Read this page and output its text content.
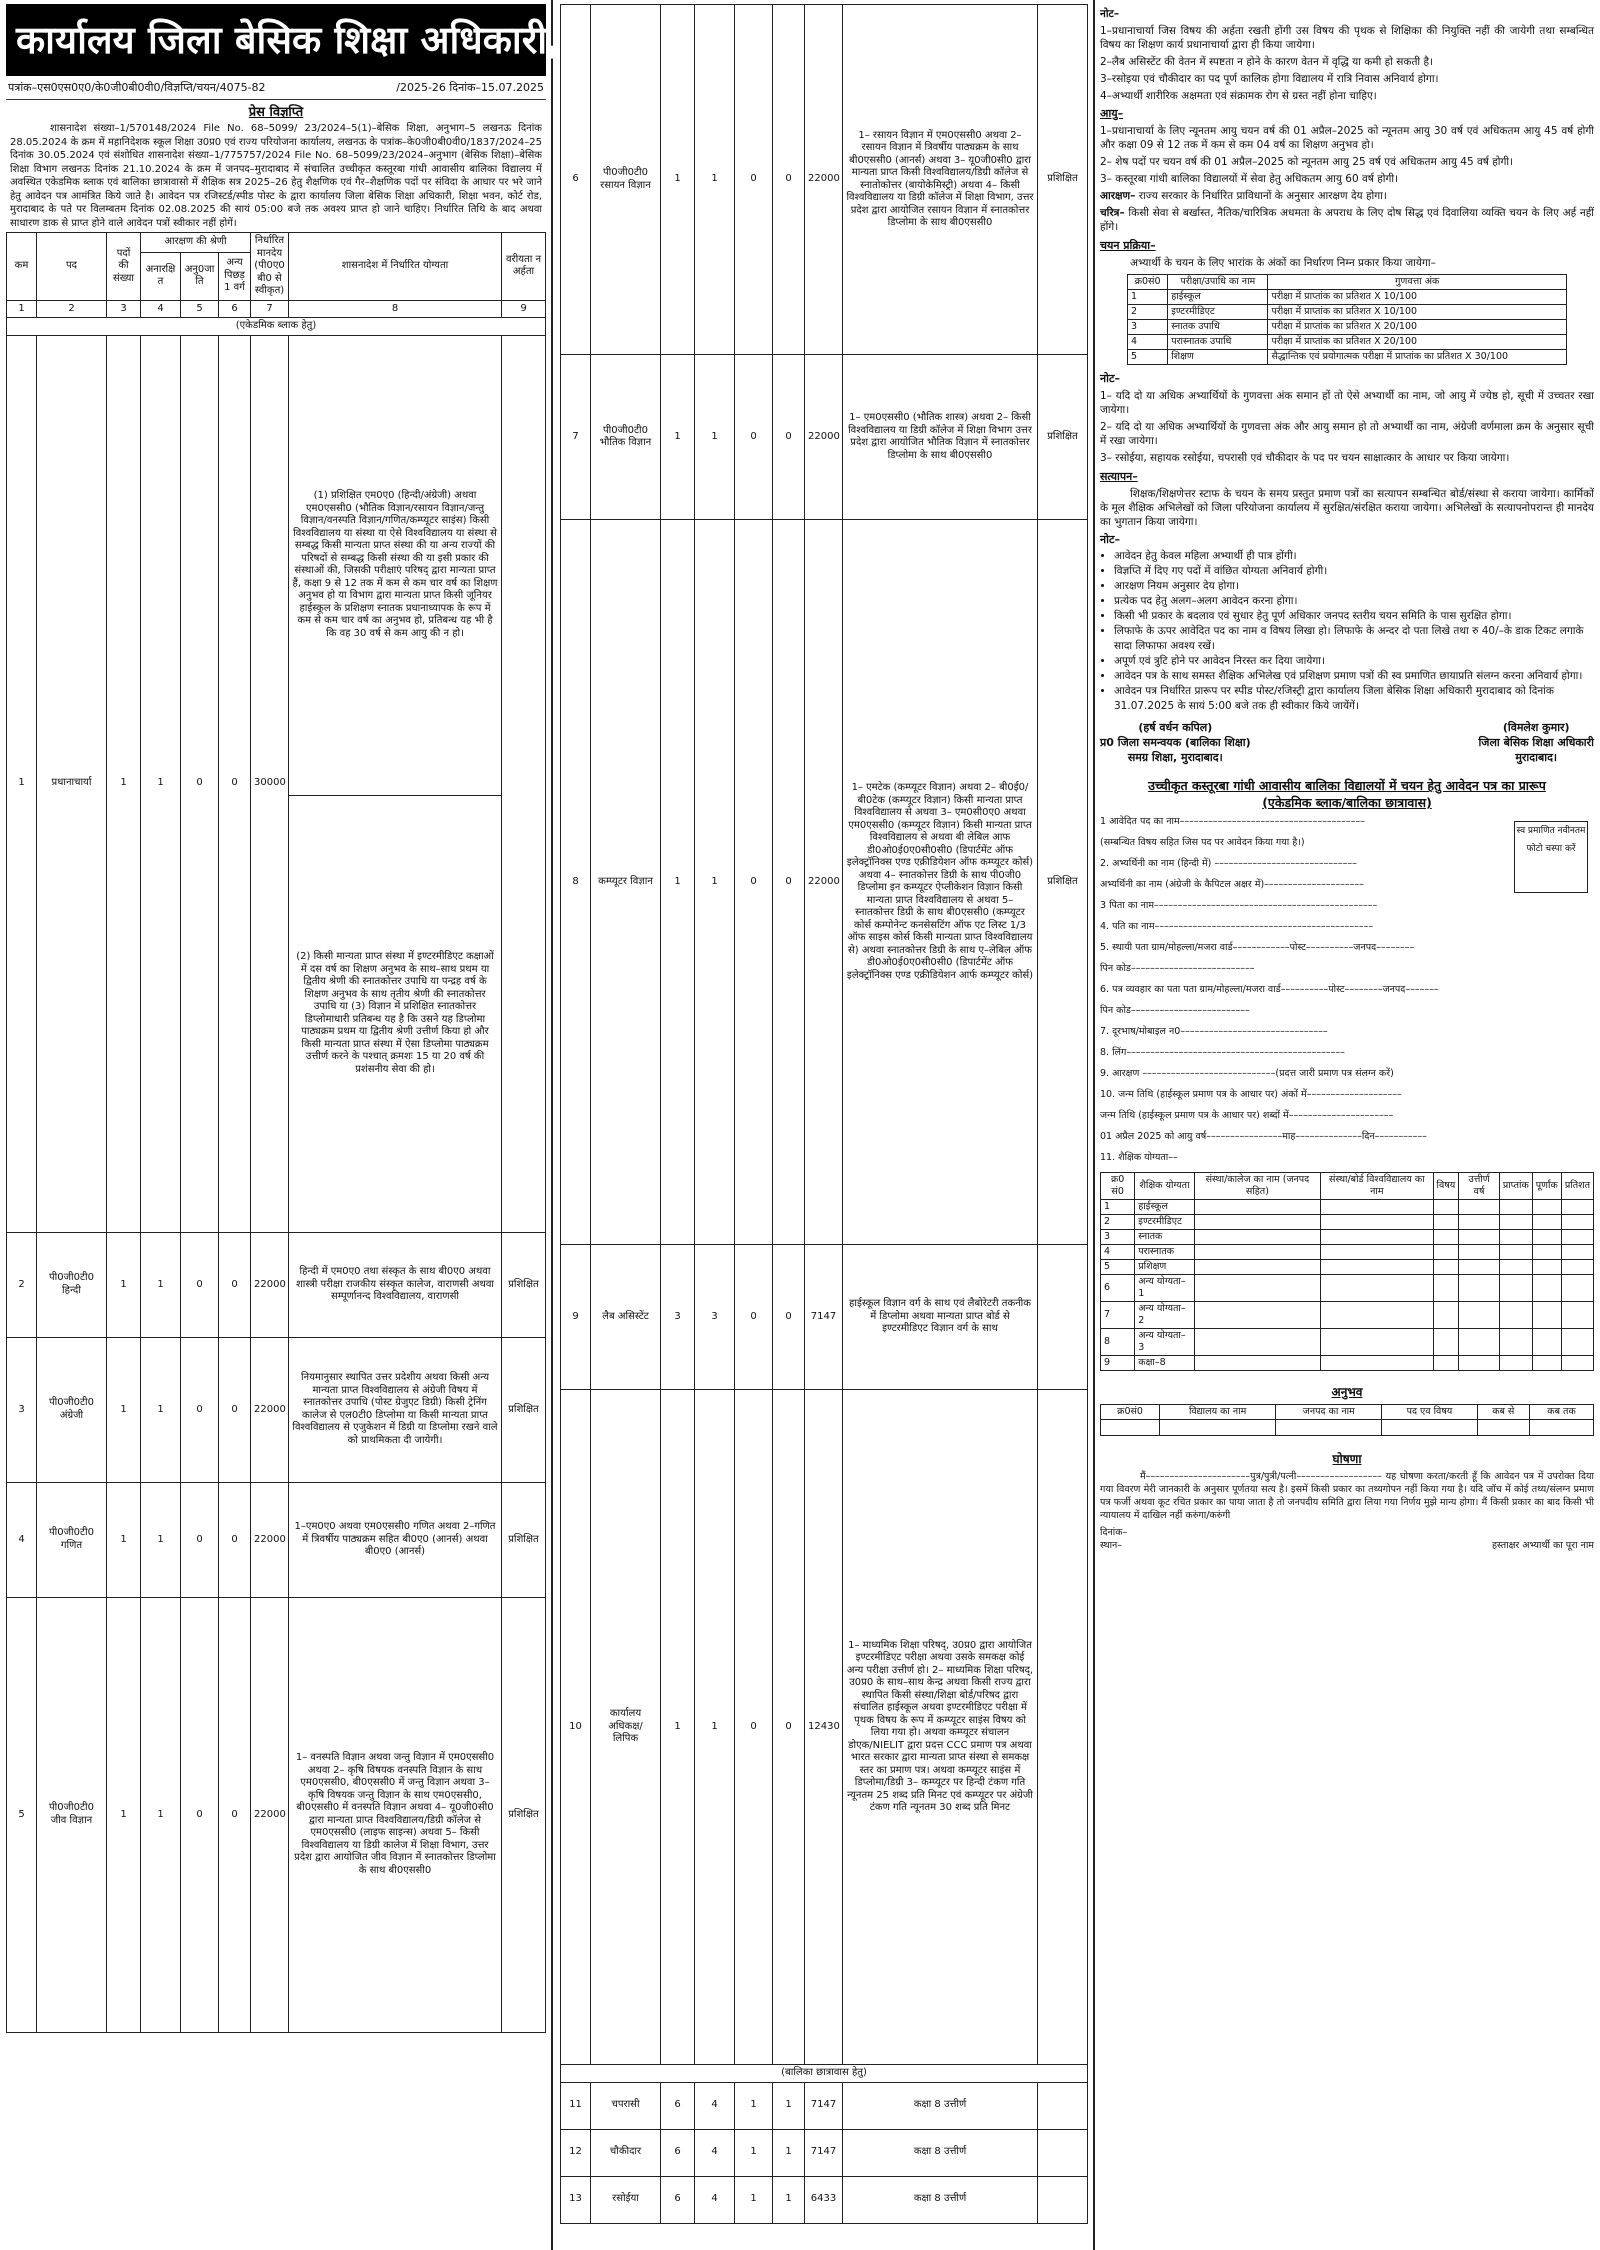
कार्यालय जिला बेसिक शिक्षा अधिकारी, मुरादाबाद।
पत्रांक–एस0एस0ए0/के0जी0बी0वी0/विज्ञप्ति/चयन/4075-82	/2025-26 दिनांक–15.07.2025
प्रेस विज्ञप्ति
शासनादेश संख्या–1/570148/2024 File No. 68–5099/ 23/2024–5(1)–बेसिक शिक्षा, अनुभाग–5 लखनऊ दिनांक 28.05.2024 के क्रम में महानिदेशक स्कूल शिक्षा उ0प्र0 एवं राज्य परियोजना कार्यालय, लखनऊ के पत्रांक–के0जी0बी0वी0/1837/2024–25 दिनांक 30.05.2024 एवं संशोधित शासनादेश संख्या–1/775757/2024 File No. 68–5099/23/2024–अनुभाग (बेसिक शिक्षा)–बेसिक शिक्षा विभाग लखनऊ दिनांक 21.10.2024 के क्रम में जनपद–मुरादाबाद में संचालित उच्चीकृत कस्तूरबा गांधी आवासीय बालिका विद्यालय में अवस्थित एकेडमिक ब्लाक एवं बालिका छात्रावासो में शैक्षिक सत्र 2025–26 हेतु शैक्षणिक एवं गैर–शैक्षणिक पदों पर संविदा के आधार पर भरे जाने हेतु आवेदन पत्र आमंत्रित किये जाते है। आवेदन पत्र रजिस्टर्ड/स्पीड पोस्ट के द्वारा कार्यालय जिला बेसिक शिक्षा अधिकारी, शिक्षा भवन, कोर्ट रोड, मुरादाबाद के पते पर विलम्बतम दिनांक 02.08.2025 की सायं 05:00 बजे तक अवश्य प्राप्त हो जाने चाहिए। निर्धारित तिथि के बाद अथवा साधारण डाक से प्राप्त होने वाले आवेदन पत्रों स्वीकार नहीं होगें।
कम	पद	पदों की संख्या	आरक्षण की श्रेणी			निर्धारित मानदेय (पी0ए0 बी0 से स्वीकृत)	शासनादेश में निर्धारित योग्यता	वरीयता न अर्हता
			अनारक्षि त	अनु0जा ति	अन्य पिछड़ 1 वर्ग			
1	2	3	4	5	6	7	8	9
(एकेडमिक ब्लाक हेतु)								
1	प्रधानाचार्या	1	1	0	0	30000	(1) प्रशिक्षित एम0ए0 (हिन्दी/अंग्रेजी) अथवा एम0एससी0 (भौतिक विज्ञान/रसायन विज्ञान/जन्तु विज्ञान/वनस्पति विज्ञान/गणित/कम्प्यूटर साइंस) किसी विश्वविद्यालय या संस्था या ऐसे विश्वविद्यालय या संस्था से सम्बद्ध किसी मान्यता प्राप्त संस्था की या अन्य राज्यों की परिषदों से सम्बद्ध किसी संस्था की या इसी प्रकार की संस्थाओं की, जिसकी परीक्षाएं परिषद् द्वारा मान्यता प्राप्त हैं, कक्षा 9 से 12 तक में कम से कम चार वर्ष का शिक्षण अनुभव हो या विभाग द्वारा मान्यता प्राप्त किसी जूनियर हाईस्कूल के प्रशिक्षण स्नातक प्रधानाध्यापक के रूप में कम से कम चार वर्ष का अनुभव हो, प्रतिबन्ध यह भी है कि वह 30 वर्ष से कम आयु की न हो।	
							(2) किसी मान्यता प्राप्त संस्था में इण्टरमीडिएट कक्षाओं में दस वर्ष का शिक्षण अनुभव के साथ–साथ प्रथम या द्वितीय श्रेणी की स्नातकोत्तर उपाधि या पन्द्रह वर्ष के शिक्षण अनुभव के साथ तृतीय श्रेणी की स्नातकोत्तर उपाधि या (3) विज्ञान में प्रशिक्षित स्नातकोत्तर डिप्लोमाधारी प्रतिबन्ध यह है कि उसने यह डिप्लोमा पाठ्यक्रम प्रथम या द्वितीय श्रेणी उत्तीर्ण किया हो और किसी मान्यता प्राप्त संस्था में ऐसा डिप्लोमा पाठ्यक्रम उत्तीर्ण करने के पश्चात् क्रमशः 15 या 20 वर्ष की प्रशंसनीय सेवा की हो।	
2	पी0जी0टी0 हिन्दी	1	1	0	0	22000	हिन्दी में एम0ए0 तथा संस्कृत के साथ बी0ए0 अथवा शास्त्री परीक्षा राजकीय संस्कृत कालेज, वाराणसी अथवा सम्पूर्णानन्द विश्वविद्यालय, वाराणसी	प्रशिक्षित
3	पी0जी0टी0 अंग्रेजी	1	1	0	0	22000	नियमानुसार स्थापित उत्तर प्रदेशीय अथवा किसी अन्य मान्यता प्राप्त विश्वविद्यालय से अंग्रेजी विषय में स्नातकोत्तर उपाधि (पोस्ट ग्रेजुएट डिग्री) किसी ट्रेनिंग कालेज से एल0टी0 डिप्लोमा या किसी मान्यता प्राप्त विश्वविद्यालय से एजुकेशन में डिग्री या डिप्लोमा रखने वाले को प्राथमिकता दी जायेगी।	प्रशिक्षित
4	पी0जी0टी0 गणित	1	1	0	0	22000	1–एम0ए0 अथवा एम0एससी0 गणित अथवा 2–गणित में त्रिवर्षीय पाठ्यक्रम सहित बी0ए0 (आनर्स) अथवा बी0ए0 (आनर्स)	प्रशिक्षित
5	पी0जी0टी0 जीव विज्ञान	1	1	0	0	22000	1– वनस्पति विज्ञान अथवा जन्तु विज्ञान में एम0एससी0 अथवा 2– कृषि विषयक वनस्पति विज्ञान के साथ एम0एससी0, बी0एससी0 में जन्तु विज्ञान अथवा 3– कृषि विषयक जन्तु विज्ञान के साथ एम0एससी0, बी0एससी0 में वनस्पति विज्ञान अथवा 4– यू0जी0सी0 द्वारा मान्यता प्राप्त विश्वविद्यालय/डिग्री कॉलेज से एम0एससी0 (लाइफ साइन्स) अथवा 5– किसी विश्वविद्यालय या डिग्री कालेज में शिक्षा विभाग, उत्तर प्रदेश द्वारा आयोजित जीव विज्ञान में स्नातकोत्तर डिप्लोमा के साथ बी0एससी0	प्रशिक्षित
6	पी0जी0टी0 रसायन विज्ञान	1	1	0	0	22000	1– रसायन विज्ञान में एम0एससी0 अथवा 2– रसायन विज्ञान में त्रिवर्षीय पाठ्यक्रम के साथ बी0एससी0 (आनर्स) अथवा 3– यू0जी0सी0 द्वारा मान्यता प्राप्त किसी विश्वविद्यालय/डिग्री कॉलेज से स्नातोकोत्तर (बायोकेमिस्ट्री) अथवा 4– किसी विश्वविद्यालय या डिग्री कॉलेज में शिक्षा विभाग, उत्तर प्रदेश द्वारा आयोजित रसायन विज्ञान में स्नातकोत्तर डिप्लोमा के साथ बी0एससी0	प्रशिक्षित
7	पी0जी0टी0 भौतिक विज्ञान	1	1	0	0	22000	1– एम0एससी0 (भौतिक शास्त्र) अथवा 2– किसी विश्वविद्यालय या डिग्री कॉलेज में शिक्षा विभाग उत्तर प्रदेश द्वारा आयोजित भौतिक विज्ञान में स्नातकोत्तर डिप्लोमा के साथ बी0एससी0	प्रशिक्षित
8	कम्प्यूटर विज्ञान	1	1	0	0	22000	1– एमटेक (कम्प्यूटर विज्ञान) अथवा 2– बी0ई0/बी0टेक (कम्प्यूटर विज्ञान) किसी मान्यता प्राप्त विश्वविद्यालय से अथवा 3– एम0सी0ए0 अथवा एम0एससी0 (कम्प्यूटर विज्ञान) किसी मान्यता प्राप्त विश्वविद्यालय से अथवा बी लेबिल आफ डी0ओ0ई0ए0सी0सी0 (डिपार्टमेंट ऑफ इलेक्ट्रॉनिक्स एण्ड एक्रीडियेशन ऑफ कम्प्यूटर कोर्स) अथवा 4– स्नातकोत्तर डिग्री के साथ पी0जी0 डिप्लोमा इन कम्प्यूटर ऐप्लीकेशन विज्ञान किसी मान्यता प्राप्त विश्वविद्यालय से अथवा 5– स्नातकोत्तर डिग्री के साथ बी0एससी0 (कम्प्यूटर कोर्स कम्पोनेन्ट कनसेसटिंग ऑफ एट लिस्ट 1/3 ऑफ साइस कोर्स किसी मान्यता प्राप्त विश्वविद्यालय से) अथवा स्नातकोत्तर डिग्री के साथ ए–लेबिल ऑफ डी0ओ0ई0ए0सी0सी0 (डिपार्टमेंट ऑफ इलेक्ट्रॉनिक्स एण्ड एक्रीडियेशन आर्फ कम्प्यूटर कोर्स)	प्रशिक्षित
9	लैब असिस्टेंट	3	3	0	0	7147	हाईस्कूल विज्ञान वर्ग के साथ एवं लैबोरेटरी तकनीक में डिप्लोमा अथवा मान्यता प्राप्त बोर्ड से इण्टरमीडिएट विज्ञान वर्ग के साथ	
10	कार्यालय अधिकक्ष/ लिपिक	1	1	0	0	12430	1– माध्यमिक शिक्षा परिषद्, उ0प्र0 द्वारा आयोजित इण्टरमीडिएट परीक्षा अथवा उसके समकक्ष कोई अन्य परीक्षा उत्तीर्ण हो। 2– माध्यमिक शिक्षा परिषद्, उ0प्र0 के साथ–साथ केन्द्र अथवा किसी राज्य द्वारा स्थापित किसी संस्था/शिक्षा बोर्ड/परिषद द्वारा संचालित हाईस्कूल अथवा इण्टरमीडिएट परीक्षा में पृथक विषय के रूप में कम्प्यूटर साइंस विषय को लिया गया हो। अथवा कम्प्यूटर संचालन डोएक/NIELIT द्वारा प्रदत्त CCC प्रमाण पत्र अथवा भारत सरकार द्वारा मान्यता प्राप्त संस्था से समकक्ष स्तर का प्रमाण पत्र। अथवा कम्प्यूटर साइंस में डिप्लोमा/डिग्री 3– कम्प्यूटर पर हिन्दी टंकण गति न्यूनतम 25 शब्द प्रति मिनट एवं कम्प्यूटर पर अंग्रेजी टंकण गति न्यूनतम 30 शब्द प्रति मिनट	
(बालिका छात्रावास हेतु)								
11	चपरासी	6	4	1	1	7147	कक्षा 8 उत्तीर्ण	
12	चौकीदार	6	4	1	1	7147	कक्षा 8 उत्तीर्ण	
13	रसोईया	6	4	1	1	6433	कक्षा 8 उत्तीर्ण	
नोट–
1–प्रधानाचार्या जिस विषय की अर्हता रखती होंगी उस विषय की पृथक से शिक्षिका की नियुक्ति नहीं की जायेगी तथा सम्बन्धित विषय का शिक्षण कार्य प्रधानाचार्या द्वारा ही किया जायेगा।
2–लैब असिस्टेंट की वेतन में स्पष्टता न होने के कारण वेतन में वृद्धि या कमी हो सकती है।
3–रसोइया एवं चौकीदार का पद पूर्ण कालिक होगा विद्यालय में रात्रि निवास अनिवार्य होगा।
4–अभ्यार्थी शारीरिक अक्षमता एवं संक्रामक रोग से ग्रस्त नहीं होना चाहिए।
आयु–
1–प्रधानाचार्या के लिए न्यूनतम आयु चयन वर्ष की 01 अप्रैल–2025 को न्यूनतम आयु 30 वर्ष एवं अधिकतम आयु 45 वर्ष होगी और कक्षा 09 से 12 तक में कम से कम 04 वर्ष का शिक्षण अनुभव हो।
2– शेष पदों पर चयन वर्ष की 01 अप्रैल–2025 को न्यूनतम आयु 25 वर्ष एवं अधिकतम आयु 45 वर्ष होगी।
3– कस्तूरबा गांधी बालिका विद्यालयों में सेवा हेतु अधिकतम आयु 60 वर्ष होगी।
आरक्षण– राज्य सरकार के निर्धारित प्राविधानों के अनुसार आरक्षण देय होगा।
चरित्र– किसी सेवा से बर्खास्त, नैतिक/चारित्रिक अधमता के अपराध के लिए दोष सिद्ध एवं दिवालिया व्यक्ति चयन के लिए अर्ह नहीं होंगे।
चयन प्रक्रिया–
अभ्यार्थी के चयन के लिए भारांक के अंकों का निर्धारण निम्न प्रकार किया जायेगा–
क्र0सं0	परीक्षा/उपाधि का नाम	गुणवत्ता अंक
1	हाईस्कूल	परीक्षा में प्राप्तांक का प्रतिशत X 10/100
2	इण्टरमीडिएट	परीक्षा में प्राप्तांक का प्रतिशत X 10/100
3	स्नातक उपाधि	परीक्षा में प्राप्तांक का प्रतिशत X 20/100
4	परास्नातक उपाधि	परीक्षा में प्राप्तांक का प्रतिशत X 20/100
5	शिक्षण	सैद्धान्तिक एवं प्रयोगात्मक परीक्षा में प्राप्तांक का प्रतिशत X 30/100
नोट–
1– यदि दो या अधिक अभ्यार्थियों के गुणवत्ता अंक समान हों तो ऐसे अभ्यार्थी का नाम, जो आयु में ज्येष्ठ हो, सूची में उच्चतर रखा जायेगा।
2– यदि दो या अधिक अभ्यार्थियों के गुणवत्ता अंक और आयु समान हो तो अभ्यार्थी का नाम, अंग्रेजी वर्णमाला क्रम के अनुसार सूची में रखा जायेगा।
3– रसोईया, सहायक रसोईया, चपरासी एवं चौकीदार के पद पर चयन साक्षात्कार के आधार पर किया जायेगा।
सत्यापन–
शिक्षक/शिक्षणेत्तर स्टाफ के चयन के समय प्रस्तुत प्रमाण पत्रों का सत्यापन सम्बन्धित बोर्ड/संस्था से कराया जायेगा। कार्मिकों के मूल शैक्षिक अभिलेखों को जिला परियोजना कार्यालय में सुरक्षित/संरक्षित कराया जायेगा। अभिलेखों के सत्यापनोपरान्त ही मानदेय का भुगतान किया जायेगा।
नोट–
• आवेदन हेतु केवल महिला अभ्यार्थी ही पात्र होंगी।
• विज्ञप्ति में दिए गए पदों में वांछित योग्यता अनिवार्य होगी।
• आरक्षण नियम अनुसार देय होगा।
• प्रत्येक पद हेतु अलग–अलग आवेदन करना होगा।
• किसी भी प्रकार के बदलाव एवं सुधार हेतु पूर्ण अधिकार जनपद स्तरीय चयन समिति के पास सुरक्षित होगा।
• लिफाफे के ऊपर आवेदित पद का नाम व विषय लिखा हो। लिफाफे के अन्दर दो पता लिखे तथा रु 40/–के डाक टिकट लगाके सादा लिफाफा अवश्य रखें।
• अपूर्ण एवं त्रुटि होने पर आवेदन निरस्त कर दिया जायेगा।
• आवेदन पत्र के साथ समस्त शैक्षिक अभिलेख एवं प्रशिक्षण प्रमाण पत्रों की स्व प्रमाणित छायाप्रति संलग्न करना अनिवार्य होगा।
• आवेदन पत्र निर्धारित प्रारूप पर स्पीड पोस्ट/रजिस्ट्री द्वारा कार्यालय जिला बेसिक शिक्षा अधिकारी मुरादाबाद को दिनांक 31.07.2025 के सायं 5:00 बजे तक ही स्वीकार किये जायेंगें।
(हर्ष वर्धन कपिल)
प्र0 जिला समन्वयक (बालिका शिक्षा)
समग्र शिक्षा, मुरादाबाद।
(विमलेश कुमार)
जिला बेसिक शिक्षा अधिकारी
मुरादाबाद।
उच्चीकृत कस्तूरबा गांधी आवासीय बालिका विद्यालयों में चयन हेतु आवेदन पत्र का प्रारूप
(एकेडमिक ब्लाक/बालिका छात्रावास)
स्व प्रमाणित नवीनतम फोटो चस्पा करें
1 आवेदित पद का नाम–––––––––––––––––––––––––––––––––––––––
(सम्बन्धित विषय सहित जिस पद पर आवेदन किया गया है।)
2. अभ्यर्थिनी का नाम (हिन्दी में) ––––––––––––––––––––––––––––––
अभ्यर्थिनी का नाम (अंग्रेजी के कैपिटल अक्षर में)–––––––––––––––––––––
3 पिता का नाम–––––––––––––––––––––––––––––––––––––––––––––––
4. पति का नाम––––––––––––––––––––––––––––––––––––––––––––––
5. स्थायी पता ग्राम/मोहल्ला/मजरा वार्ड––––––––––––पोस्ट––––––––––जनपद––––––––
पिन कोड––––––––––––––––––––––––––
6. पत्र व्यवहार का पता पता ग्राम/मोहल्ला/मजरा वार्ड––––––––––पोस्ट––––––––जनपद–––––––
पिन कोड–––––––––––––––––––––––––
7. दूरभाष/मोबाइल न0–––––––––––––––––––––––––––––––
8. लिंग––––––––––––––––––––––––––––––––––––––––––––––
9. आरक्षण ––––––––––––––––––––––––––––(प्रदत्त जारी प्रमाण पत्र संलग्न करें)
10. जन्म तिथि (हाईस्कूल प्रमाण पत्र के आधार पर) अंकों में––––––––––––––––––––
जन्म तिथि (हाईस्कूल प्रमाण पत्र के आधार पर) शब्दों में––––––––––––––––––––––
01 अप्रैल 2025 को आयु वर्ष––––––––––––––––माह––––––––––––––दिन–––––––––––
11. शैक्षिक योग्यता––
क्र0 सं0	शैक्षिक योग्यता	संस्था/कालेज का नाम (जनपद सहित)	संस्था/बोर्ड विश्वविद्यालय का नाम	विषय	उत्तीर्ण वर्ष	प्राप्तांक	पूर्णांक	प्रतिशत
1	हाईस्कूल							
2	इण्टरमीडिएट							
3	स्नातक							
4	परास्नातक							
5	प्रशिक्षण							
6	अन्य योग्यता–1							
7	अन्य योग्यता–2							
8	अन्य योग्यता–3							
9	कक्षा–8							
अनुभव
क्र0सं0	विद्यालय का नाम	जनपद का नाम	पद एव विषय	कब से	कब तक

घोषणा
मैं––––––––––––––––––––––पुत्र/पुत्री/पत्नी–––––––––––––––––– यह घोषणा करता/करती हूँ कि आवेदन पत्र में उपरोक्त दिया गया विवरण मेरी जानकारी के अनुसार पूर्णतया सत्य है। इसमें किसी प्रकार का तथ्यगोपन नहीं किया गया है। यदि जॉच में कोई तथ्य/संलग्न प्रमाण पत्र फर्जी अथवा कूट रचित प्रकार का पाया जाता है तो जनपदीय समिति द्वारा लिया गया निर्णय मुझे मान्य होगा। मैं किसी प्रकार का बाद किसी भी न्यायालय में दाखिल नहीं करुंगा/करुंगी
दिनांक–
स्थान–	हस्ताक्षर अभ्यार्थी का पूरा नाम
